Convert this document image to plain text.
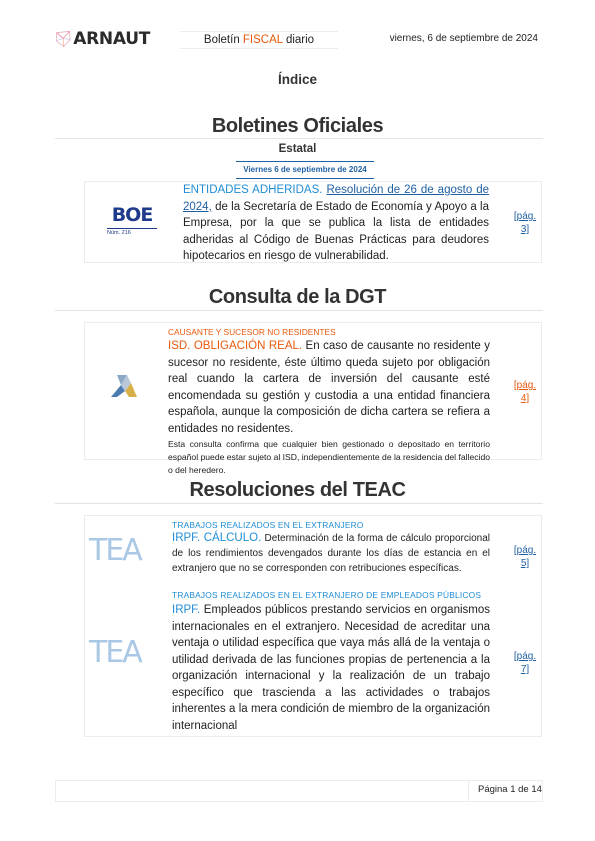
ARNAUT	Boletín FISCAL diario	viernes, 6 de septiembre de 2024
Índice
Boletines Oficiales
Estatal
Viernes 6 de septiembre de 2024
BOE
Núm. 216
ENTIDADES ADHERIDAS. Resolución de 26 de agosto de 2024, de la Secretaría de Estado de Economía y Apoyo a la Empresa, por la que se publica la lista de entidades adheridas al Código de Buenas Prácticas para deudores hipotecarios en riesgo de vulnerabilidad.
[pág. 3]
Consulta de la DGT
CAUSANTE Y SUCESOR NO RESIDENTES
ISD. OBLIGACIÓN REAL. En caso de causante no residente y sucesor no residente, éste último queda sujeto por obligación real cuando la cartera de inversión del causante esté encomendada su gestión y custodia a una entidad financiera española, aunque la composición de dicha cartera se refiera a entidades no residentes.
Esta consulta confirma que cualquier bien gestionado o depositado en territorio español puede estar sujeto al ISD, independientemente de la residencia del fallecido o del heredero.
[pág. 4]
Resoluciones del TEAC
TEA
TRABAJOS REALIZADOS EN EL EXTRANJERO
IRPF. CÁLCULO. Determinación de la forma de cálculo proporcional de los rendimientos devengados durante los días de estancia en el extranjero que no se corresponden con retribuciones específicas.
[pág. 5]
TEA
TRABAJOS REALIZADOS EN EL EXTRANJERO DE EMPLEADOS PÚBLICOS
IRPF. Empleados públicos prestando servicios en organismos internacionales en el extranjero. Necesidad de acreditar una ventaja o utilidad específica que vaya más allá de la ventaja o utilidad derivada de las funciones propias de pertenencia a la organización internacional y la realización de un trabajo específico que trascienda a las actividades o trabajos inherentes a la mera condición de miembro de la organización internacional
[pág. 7]
Página 1 de 14
